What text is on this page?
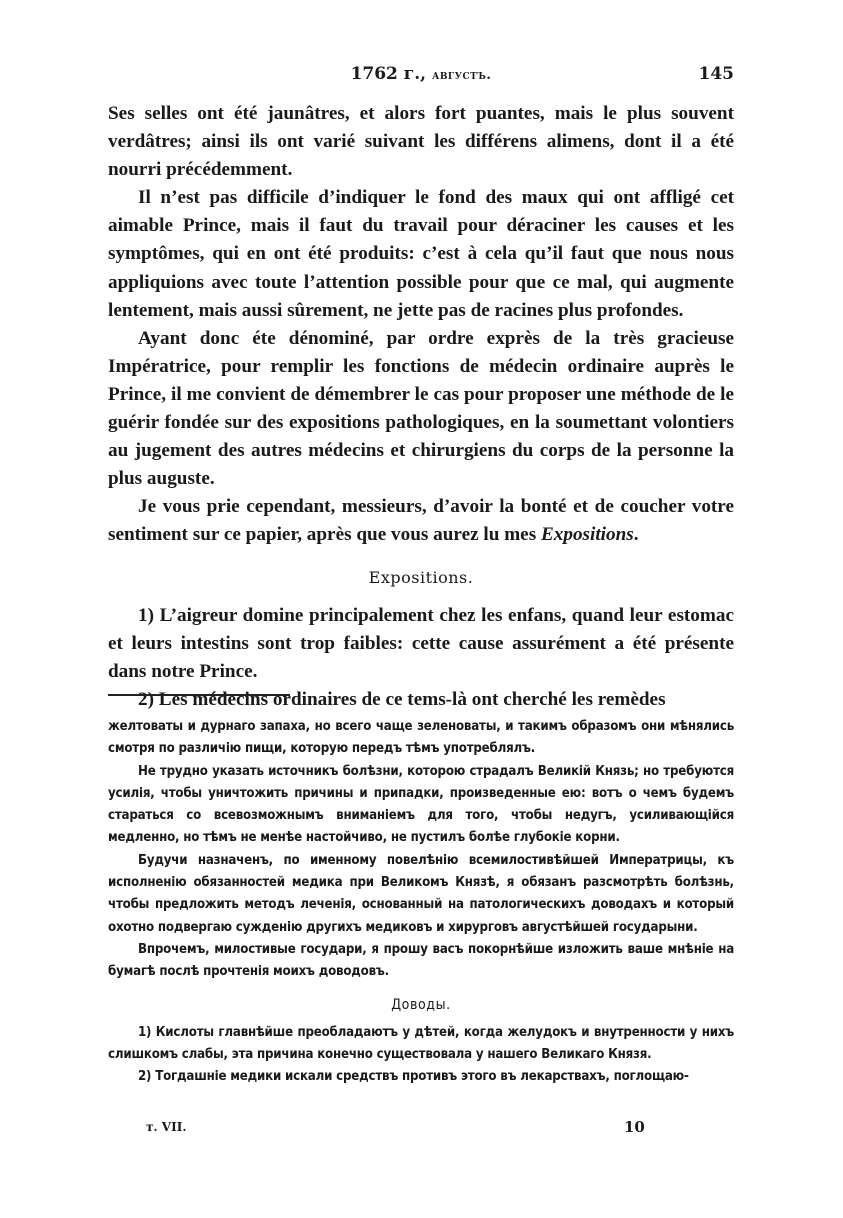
1762 г., августъ.	145

Ses selles ont été jaunâtres, et alors fort puantes, mais le plus souvent verdâtres; ainsi ils ont varié suivant les différens alimens, dont il a été nourri précédemment.

Il n’est pas difficile d’indiquer le fond des maux qui ont affligé cet aimable Prince, mais il faut du travail pour déraciner les causes et les symptômes, qui en ont été produits: c’est à cela qu’il faut que nous nous appliquions avec toute l’attention possible pour que ce mal, qui augmente lentement, mais aussi sûrement, ne jette pas de racines plus profondes.

Ayant donc éte dénominé, par ordre exprès de la très gracieuse Impératrice, pour remplir les fonctions de médecin ordinaire auprès le Prince, il me convient de démembrer le cas pour proposer une méthode de le guérir fondée sur des expositions pathologiques, en la soumettant volontiers au jugement des autres médecins et chirurgiens du corps de la personne la plus auguste.

Je vous prie cependant, messieurs, d’avoir la bonté et de coucher votre sentiment sur ce papier, après que vous aurez lu mes Expositions.

Expositions.

1) L’aigreur domine principalement chez les enfans, quand leur estomac et leurs intestins sont trop faibles: cette cause assurément a été présente dans notre Prince.

2) Les médecins ordinaires de ce tems-là ont cherché les remèdes

желтоваты и дурнаго запаха, но всего чаще зеленоваты, и такимъ образомъ они мѣнялись смотря по различію пищи, которую передъ тѣмъ употреблялъ.

Не трудно указать источникъ болѣзни, которою страдалъ Великій Князь; но требуются усилія, чтобы уничтожить причины и припадки, произведенные ею: вотъ о чемъ будемъ стараться со всевозможнымъ вниманіемъ для того, чтобы недугъ, усиливающійся медленно, но тѣмъ не менѣе настойчиво, не пустилъ болѣе глубокіе корни.

Будучи назначенъ, по именному повелѣнію всемилостивѣйшей Императрицы, къ исполненію обязанностей медика при Великомъ Князѣ, я обязанъ разсмотрѣть болѣзнь, чтобы предложить методъ леченія, основанный на патологическихъ доводахъ и который охотно подвергаю сужденію другихъ медиковъ и хирурговъ августѣйшей государыни.

Впрочемъ, милостивые государи, я прошу васъ покорнѣйше изложить ваше мнѣніе на бумагѣ послѣ прочтенія моихъ доводовъ.

Доводы.

1) Кислоты главнѣйше преобладаютъ у дѣтей, когда желудокъ и внутренности у нихъ слишкомъ слабы, эта причина конечно существовала у нашего Великаго Князя.

2) Тогдашніе медики искали средствъ противъ этого въ лекарствахъ, поглощаю-

т. VII.	10
